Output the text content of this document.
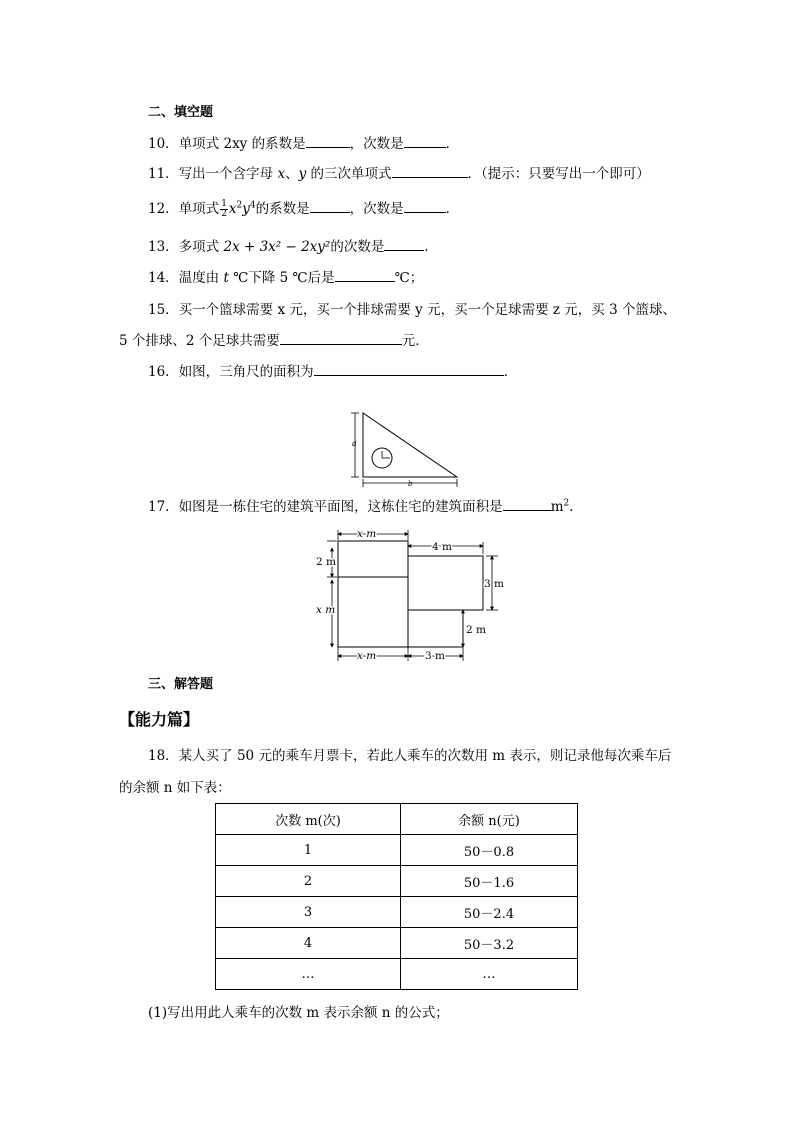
二、填空题
10．单项式 2xy 的系数是	，次数是	．
11．写出一个含字母 x、y 的三次单项式	．（提示：只要写出一个即可）
12．单项式 $\frac{1}{2} x^2y^4$的系数是	，次数是	．
13．多项式 2x + 3x² − 2xy²的次数是	．
14．温度由 t ℃下降 5 ℃后是	℃；
15．买一个篮球需要 x 元，买一个排球需要 y 元，买一个足球需要 z 元，买 3 个篮球、
5 个排球、2 个足球共需要	元．
16．如图，三角尺的面积为	．
a
b
17．如图是一栋住宅的建筑平面图，这栋住宅的建筑面积是	$m^2$．
x m
4 m
2 m
x m
3 m
2 m
x m	3 m
三、解答题
【能力篇】
18．某人买了 50 元的乘车月票卡，若此人乘车的次数用 m 表示，则记录他每次乘车后
的余额 n 如下表：
次数 m(次)	余额 n(元)
1	50－0.8
2	50－1.6
3	50－2.4
4	50－3.2
…	…
(1)写出用此人乘车的次数 m 表示余额 n 的公式；
